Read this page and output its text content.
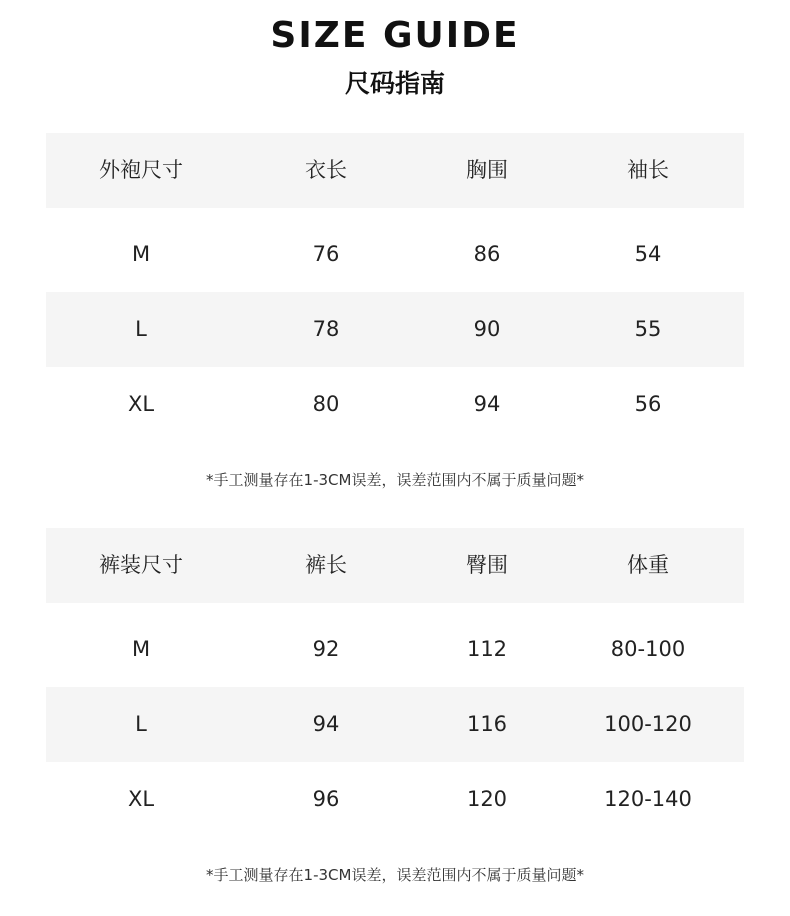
SIZE GUIDE
尺码指南
外袍尺寸	衣长	胸围	袖长
M	76	86	54
L	78	90	55
XL	80	94	56
*手工测量存在1-3CM误差，误差范围内不属于质量问题*
裤装尺寸	裤长	臀围	体重
M	92	112	80-100
L	94	116	100-120
XL	96	120	120-140
*手工测量存在1-3CM误差，误差范围内不属于质量问题*
